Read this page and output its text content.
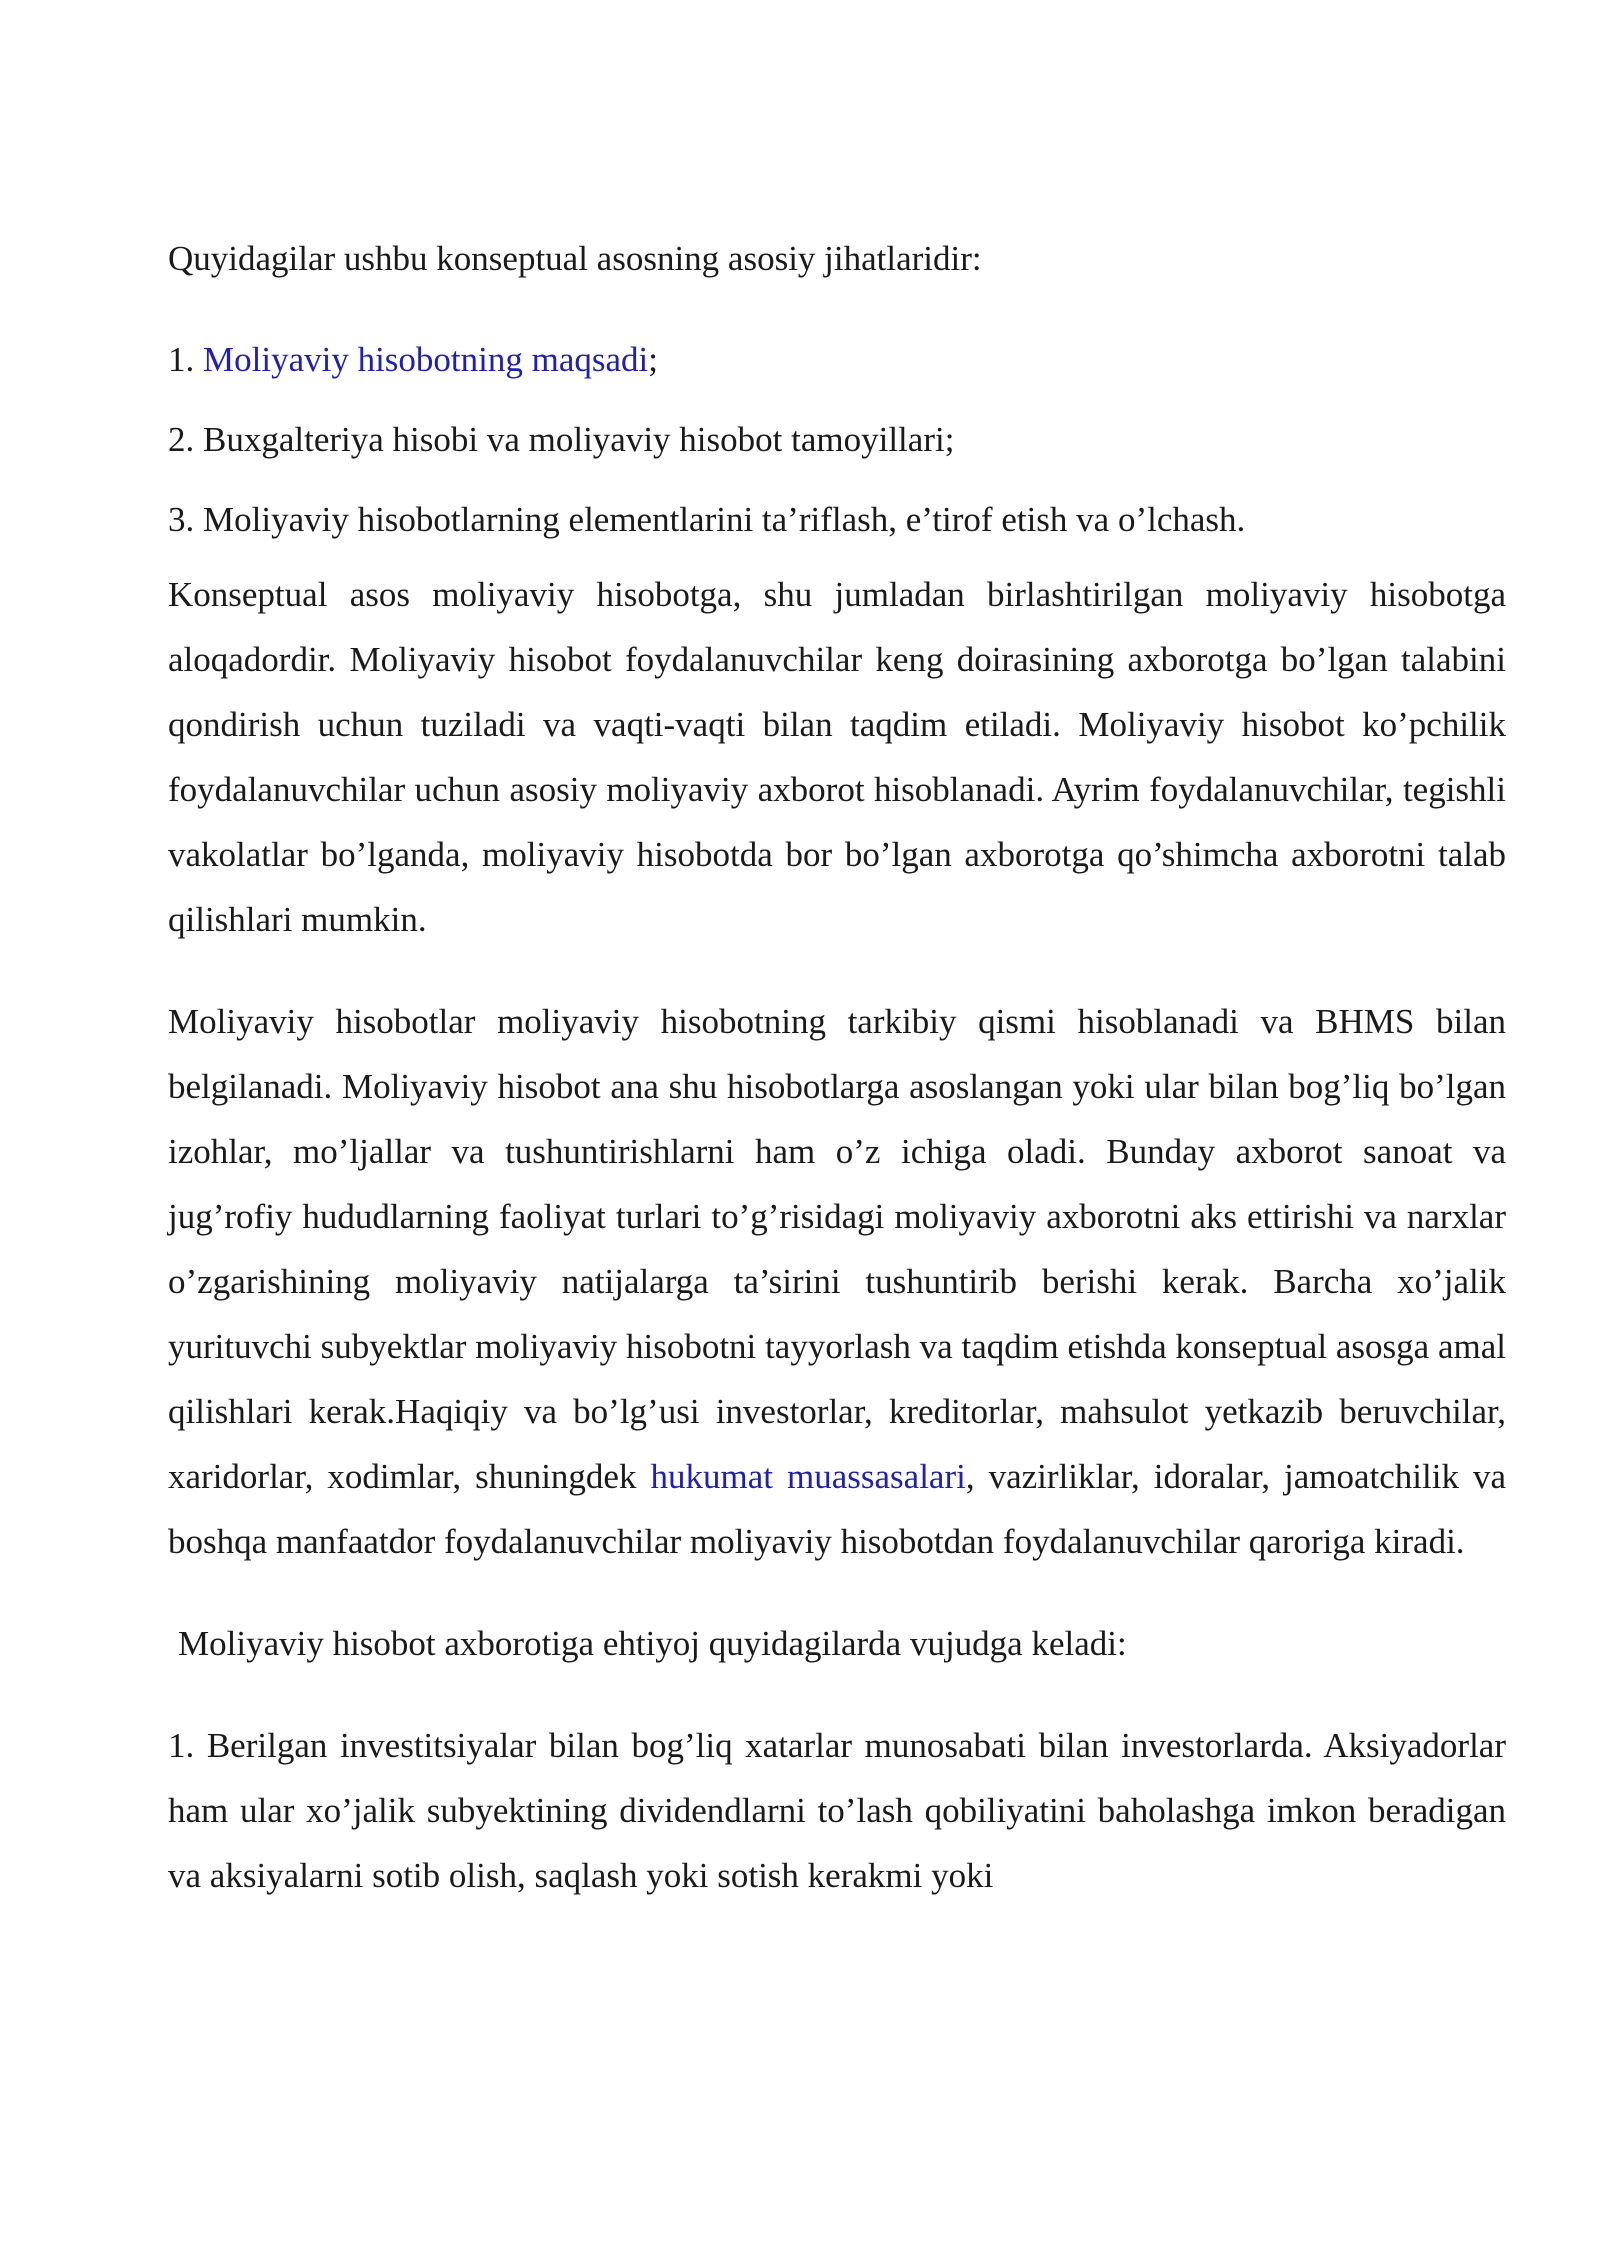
Quyidagilar ushbu konseptual asosning asosiy jihatlaridir:

1. Moliyaviy hisobotning maqsadi;

2. Buxgalteriya hisobi va moliyaviy hisobot tamoyillari;

3. Moliyaviy hisobotlarning elementlarini ta’riflash, e’tirof etish va o’lchash.

Konseptual asos moliyaviy hisobotga, shu jumladan birlashtirilgan moliyaviy hisobotga aloqadordir. Moliyaviy hisobot foydalanuvchilar keng doirasining axborotga bo’lgan talabini qondirish uchun tuziladi va vaqti-vaqti bilan taqdim etiladi. Moliyaviy hisobot ko’pchilik foydalanuvchilar uchun asosiy moliyaviy axborot hisoblanadi. Ayrim foydalanuvchilar, tegishli vakolatlar bo’lganda, moliyaviy hisobotda bor bo’lgan axborotga qo’shimcha axborotni talab qilishlari mumkin.

Moliyaviy hisobotlar moliyaviy hisobotning tarkibiy qismi hisoblanadi va BHMS bilan belgilanadi. Moliyaviy hisobot ana shu hisobotlarga asoslangan yoki ular bilan bog’liq bo’lgan izohlar, mo’ljallar va tushuntirishlarni ham o’z ichiga oladi. Bunday axborot sanoat va jug’rofiy hududlarning faoliyat turlari to’g’risidagi moliyaviy axborotni aks ettirishi va narxlar o’zgarishining moliyaviy natijalarga ta’sirini tushuntirib berishi kerak. Barcha xo’jalik yurituvchi subyektlar moliyaviy hisobotni tayyorlash va taqdim etishda konseptual asosga amal qilishlari kerak.Haqiqiy va bo’lg’usi investorlar, kreditorlar, mahsulot yetkazib beruvchilar, xaridorlar, xodimlar, shuningdek hukumat muassasalari, vazirliklar, idoralar, jamoatchilik va boshqa manfaatdor foydalanuvchilar moliyaviy hisobotdan foydalanuvchilar qaroriga kiradi.

Moliyaviy hisobot axborotiga ehtiyoj quyidagilarda vujudga keladi:

1. Berilgan investitsiyalar bilan bog’liq xatarlar munosabati bilan investorlarda. Aksiyadorlar ham ular xo’jalik subyektining dividendlarni to’lash qobiliyatini baholashga imkon beradigan va aksiyalarni sotib olish, saqlash yoki sotish kerakmi yoki
